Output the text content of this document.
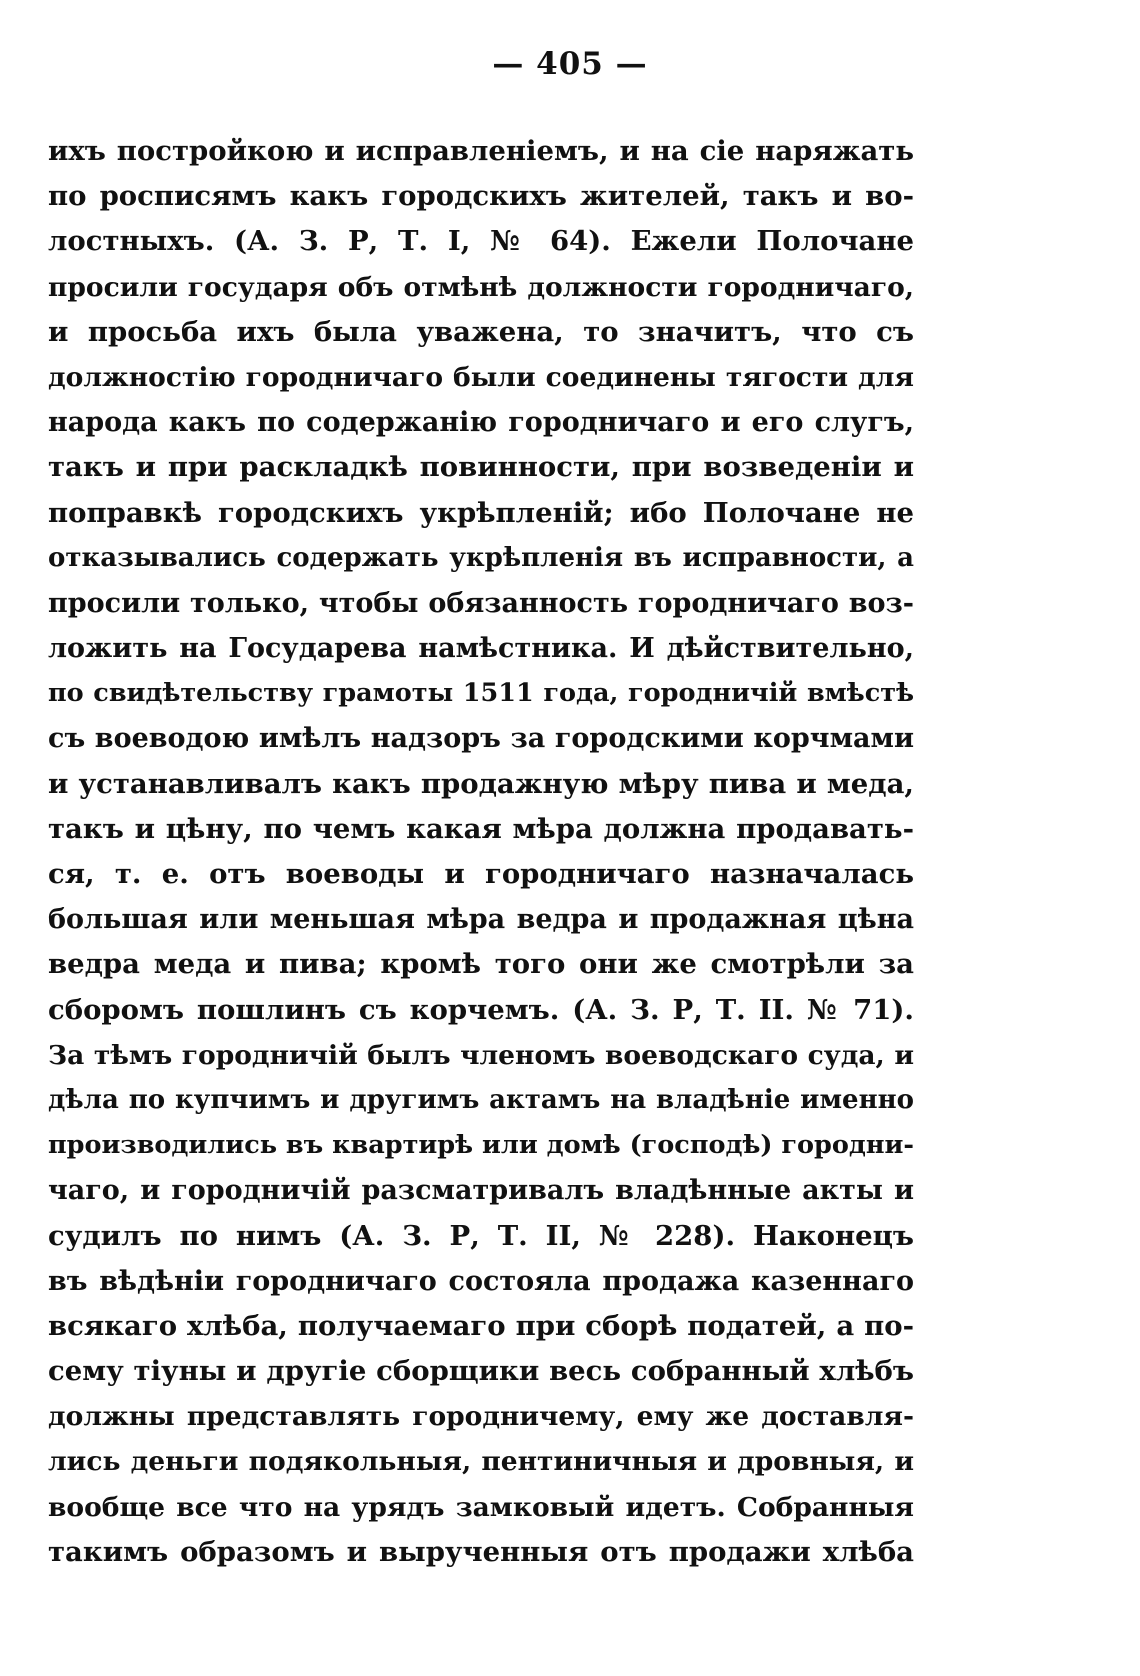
— 405 —
ихъ постройкою и исправленіемъ, и на сіе наряжать
по росписямъ какъ городскихъ жителей, такъ и во-
лостныхъ. (А. З. Р, Т. I, № 64). Ежели Полочане
просили государя объ отмѣнѣ должности городничаго,
и просьба ихъ была уважена, то значитъ, что съ
должностію городничаго были соединены тягости для
народа какъ по содержанію городничаго и его слугъ,
такъ и при раскладкѣ повинности, при возведеніи и
поправкѣ городскихъ укрѣпленій; ибо Полочане не
отказывались содержать укрѣпленія въ исправности, а
просили только, чтобы обязанность городничаго воз-
ложить на Государева намѣстника. И дѣйствительно,
по свидѣтельству грамоты 1511 года, городничій вмѣстѣ
съ воеводою имѣлъ надзоръ за городскими корчмами
и устанавливалъ какъ продажную мѣру пива и меда,
такъ и цѣну, по чемъ какая мѣра должна продавать-
ся, т. е. отъ воеводы и городничаго назначалась
большая или меньшая мѣра ведра и продажная цѣна
ведра меда и пива; кромѣ того они же смотрѣли за
сборомъ пошлинъ съ корчемъ. (А. З. Р, Т. II. № 71).
За тѣмъ городничій былъ членомъ воеводскаго суда, и
дѣла по купчимъ и другимъ актамъ на владѣніе именно
производились въ квартирѣ или домѣ (господѣ) городни-
чаго, и городничій разсматривалъ владѣнные акты и
судилъ по нимъ (А. З. Р, Т. II, № 228). Наконецъ
въ вѣдѣніи городничаго состояла продажа казеннаго
всякаго хлѣба, получаемаго при сборѣ податей, а по-
сему тіуны и другіе сборщики весь собранный хлѣбъ
должны представлять городничему, ему же доставля-
лись деньги подякольныя, пентиничныя и дровныя, и
вообще все что на урядъ замковый идетъ. Собранныя
такимъ образомъ и вырученныя отъ продажи хлѣба
